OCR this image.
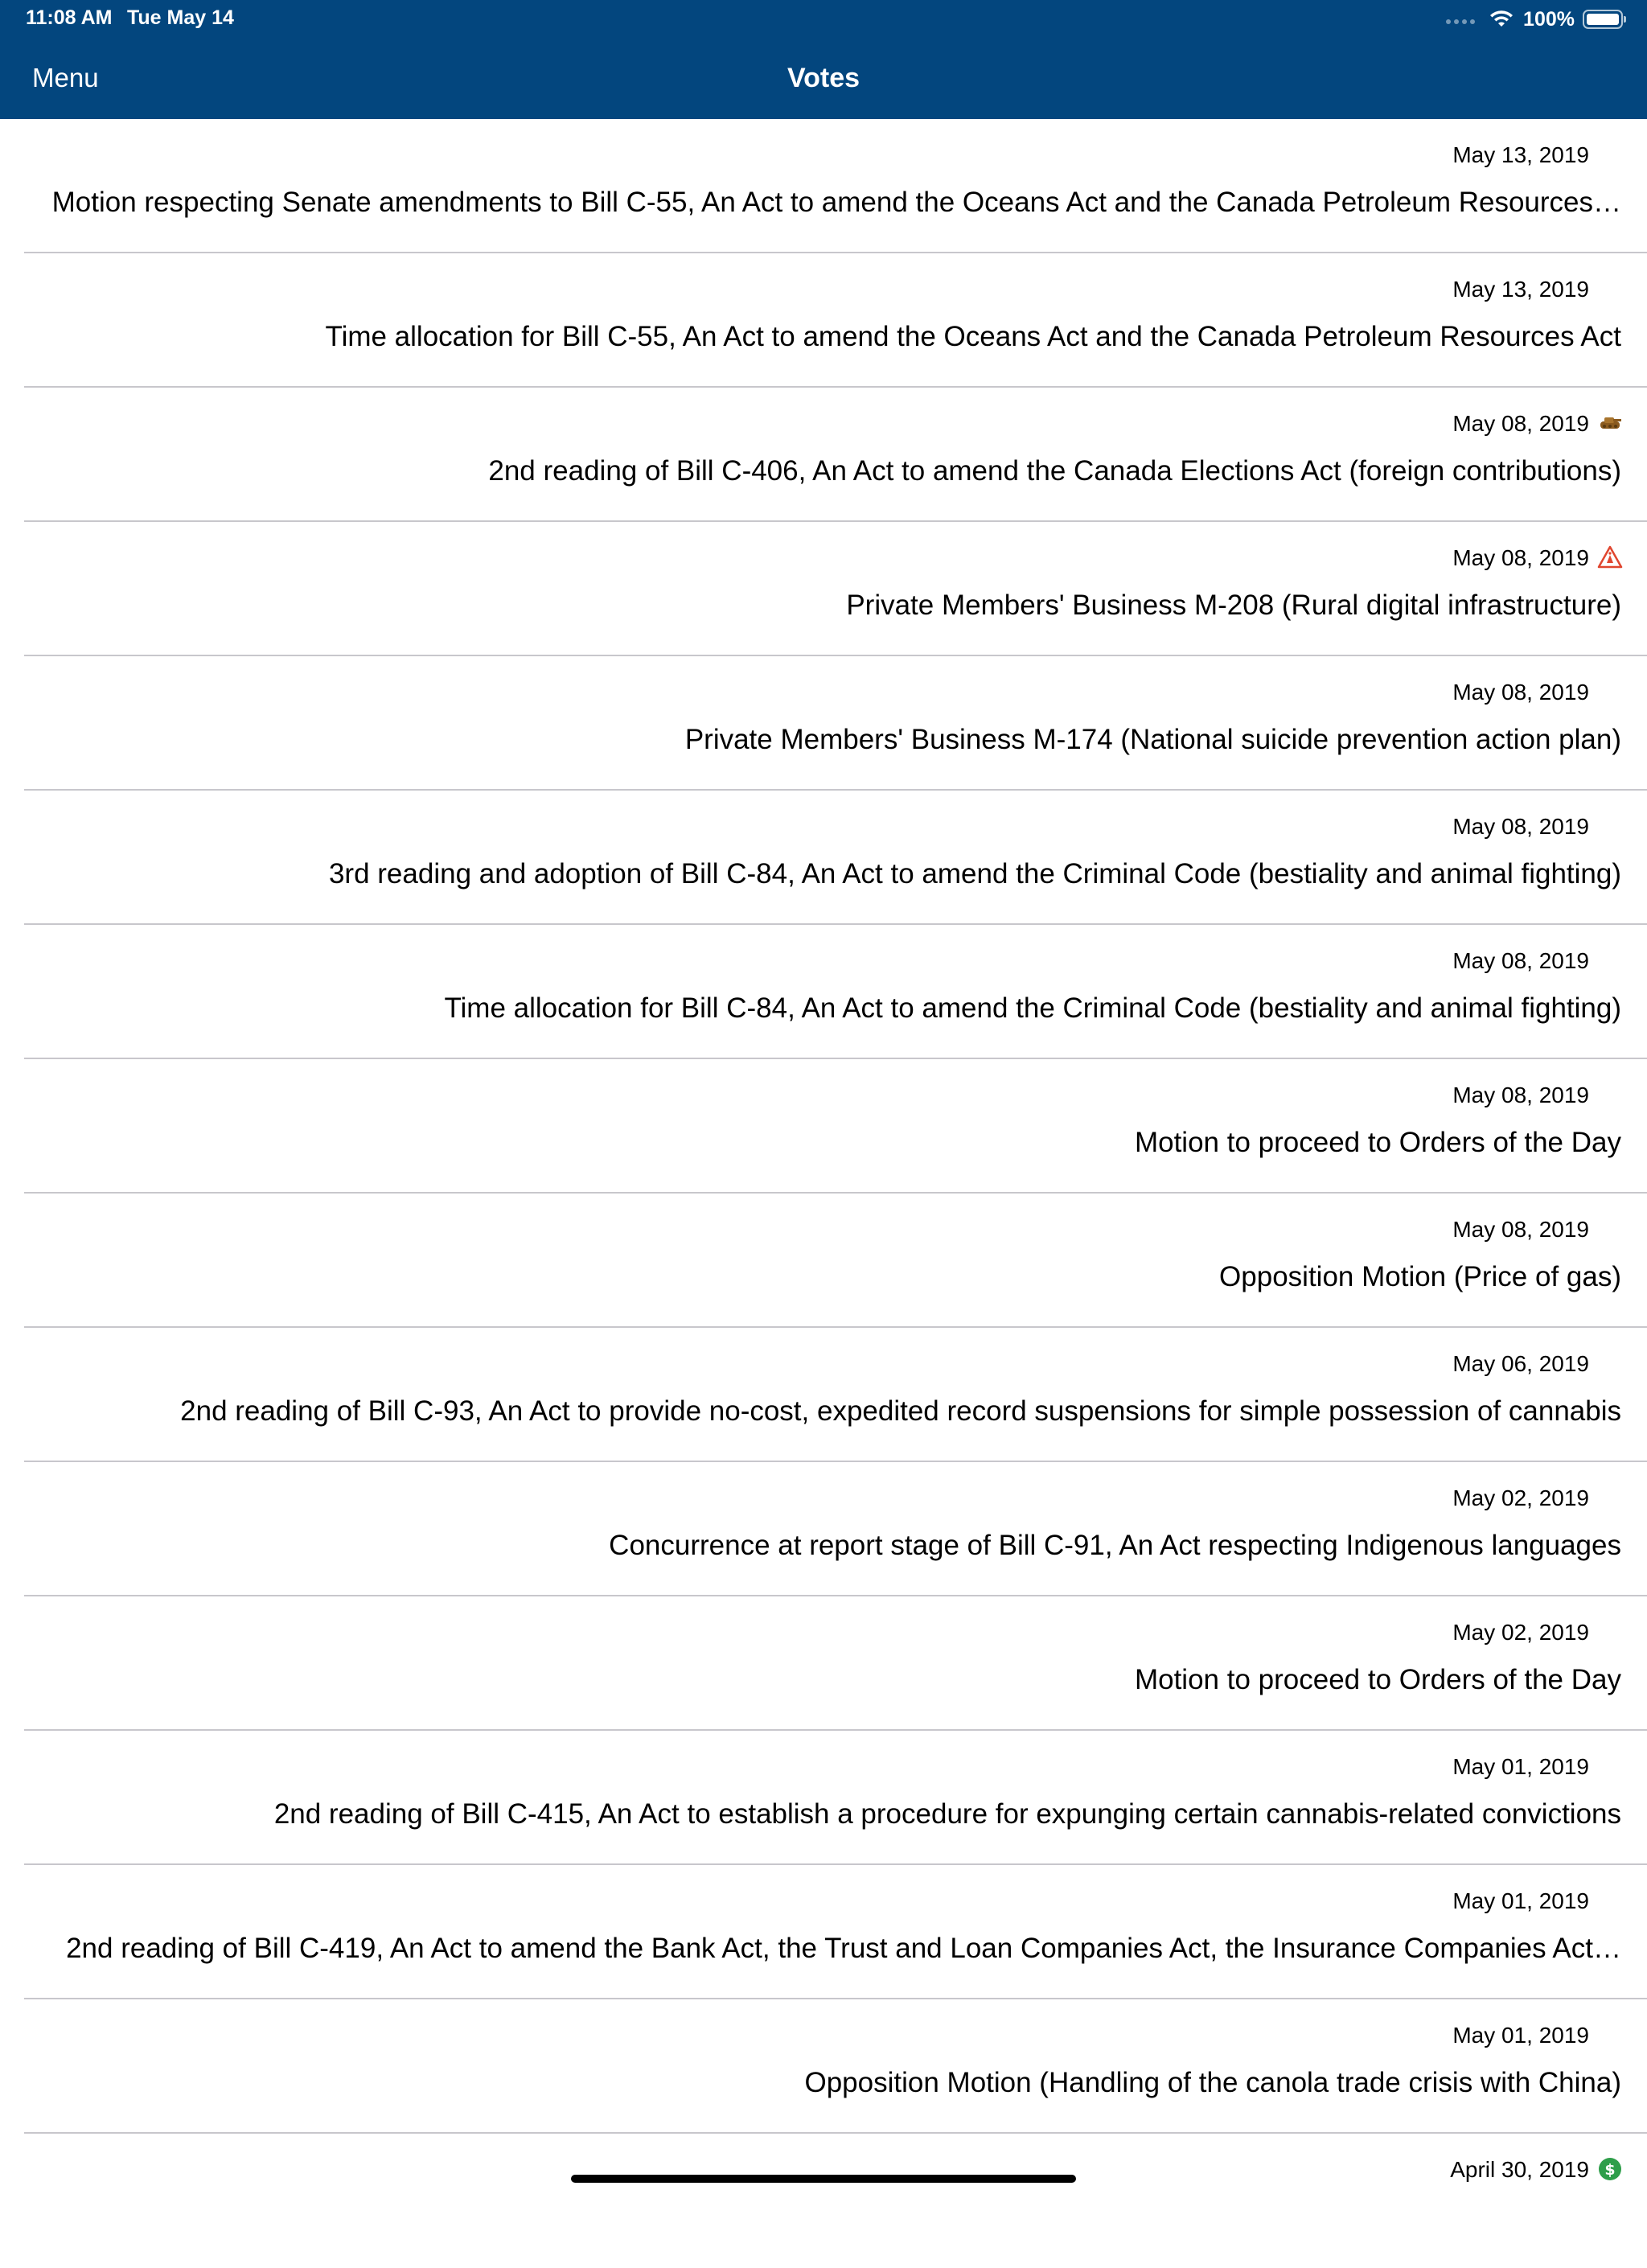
11:08 AM Tue May 14	100%
Votes
Menu
May 13, 2019
Motion respecting Senate amendments to Bill C-55, An Act to amend the Oceans Act and the Canada Petroleum Resources…
May 13, 2019
Time allocation for Bill C-55, An Act to amend the Oceans Act and the Canada Petroleum Resources Act
May 08, 2019
2nd reading of Bill C-406, An Act to amend the Canada Elections Act (foreign contributions)
May 08, 2019
Private Members' Business M-208 (Rural digital infrastructure)
May 08, 2019
Private Members' Business M-174 (National suicide prevention action plan)
May 08, 2019
3rd reading and adoption of Bill C-84, An Act to amend the Criminal Code (bestiality and animal fighting)
May 08, 2019
Time allocation for Bill C-84, An Act to amend the Criminal Code (bestiality and animal fighting)
May 08, 2019
Motion to proceed to Orders of the Day
May 08, 2019
Opposition Motion (Price of gas)
May 06, 2019
2nd reading of Bill C-93, An Act to provide no-cost, expedited record suspensions for simple possession of cannabis
May 02, 2019
Concurrence at report stage of Bill C-91, An Act respecting Indigenous languages
May 02, 2019
Motion to proceed to Orders of the Day
May 01, 2019
2nd reading of Bill C-415, An Act to establish a procedure for expunging certain cannabis-related convictions
May 01, 2019
2nd reading of Bill C-419, An Act to amend the Bank Act, the Trust and Loan Companies Act, the Insurance Companies Act…
May 01, 2019
Opposition Motion (Handling of the canola trade crisis with China)
April 30, 2019 $
